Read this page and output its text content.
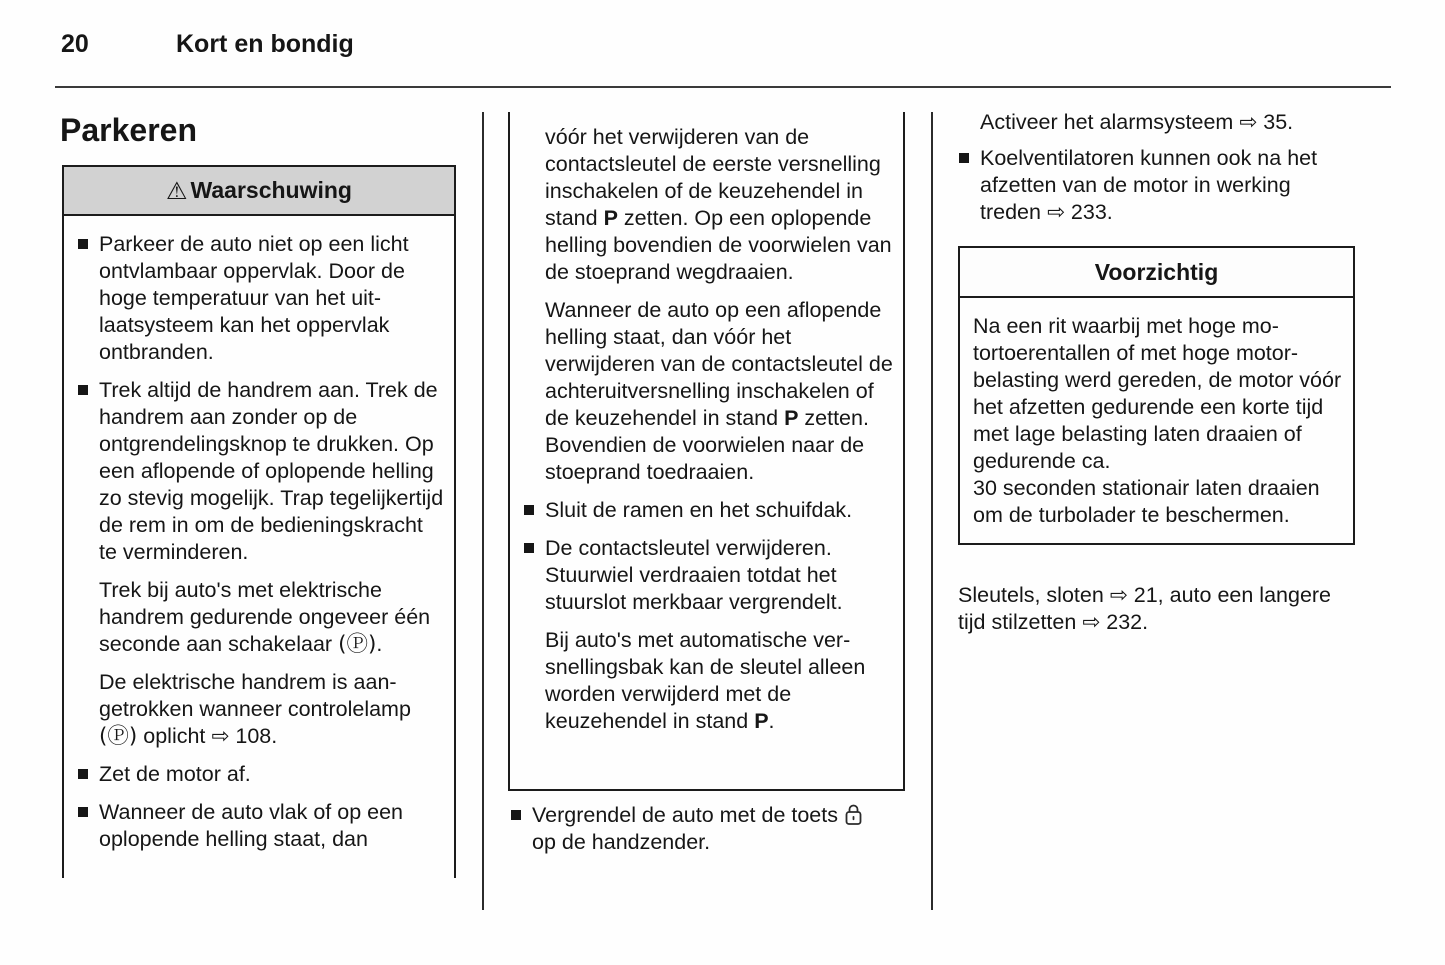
20	Kort en bondig
Parkeren
⚠ Waarschuwing
Parkeer de auto niet op een licht ontvlambaar oppervlak. Door de hoge temperatuur van het uitlaatsysteem kan het oppervlak ontbranden.
Trek altijd de handrem aan. Trek de handrem aan zonder op de ontgrendelingsknop te drukken. Op een aflopende of oplopende helling zo stevig mogelijk. Trap tegelijkertijd de rem in om de bedieningskracht te verminderen.
Trek bij auto's met elektrische handrem gedurende ongeveer één seconde aan schakelaar (Ⓟ).
De elektrische handrem is aangetrokken wanneer controlelamp (Ⓟ) oplicht ⇨ 108.
Zet de motor af.
Wanneer de auto vlak of op een oplopende helling staat, dan
vóór het verwijderen van de contactsleutel de eerste versnelling inschakelen of de keuzehendel in stand P zetten. Op een oplopende helling bovendien de voorwielen van de stoeprand wegdraaien.
Wanneer de auto op een aflopende helling staat, dan vóór het verwijderen van de contactsleutel de achteruitversnelling inschakelen of de keuzehendel in stand P zetten. Bovendien de voorwielen naar de stoeprand toedraaien.
Sluit de ramen en het schuifdak.
De contactsleutel verwijderen. Stuurwiel verdraaien totdat het stuurslot merkbaar vergrendelt.
Bij auto's met automatische versnellingsbak kan de sleutel alleen worden verwijderd met de keuzehendel in stand P.
Vergrendel de auto met de toets  op de handzender.
Activeer het alarmsysteem ⇨ 35.
Koelventilatoren kunnen ook na het afzetten van de motor in werking treden ⇨ 233.
Voorzichtig
Na een rit waarbij met hoge motortoerentallen of met hoge motorbelasting werd gereden, de motor vóór het afzetten gedurende een korte tijd met lage belasting laten draaien of gedurende ca.
30 seconden stationair laten draaien om de turbolader te beschermen.
Sleutels, sloten ⇨ 21, auto een langere tijd stilzetten ⇨ 232.
